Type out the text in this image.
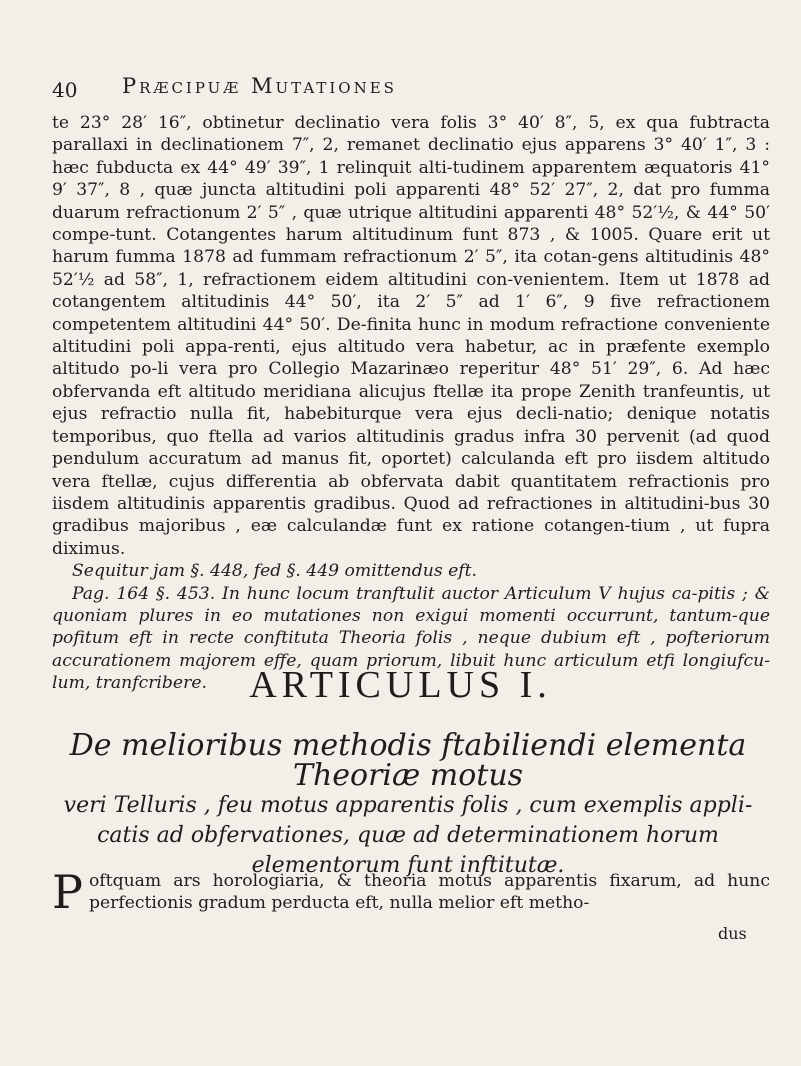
40 Præcipuæ Mutationes

te 23° 28′ 16″, obtinetur declinatio vera folis 3° 40′ 8″, 5, ex qua fubtracta parallaxi in declinationem 7″, 2, remanet declinatio ejus apparens 3° 40′ 1″, 3 : hæc fubducta ex 44° 49′ 39″, 1 relinquit alti-tudinem apparentem æquatoris 41° 9′ 37″, 8 , quæ juncta altitudini poli apparenti 48° 52′ 27″, 2, dat pro fumma duarum refractionum 2′ 5″ , quæ utrique altitudini apparenti 48° 52′½, & 44° 50′ compe-tunt. Cotangentes harum altitudinum funt 873 , & 1005. Quare erit ut harum fumma 1878 ad fummam refractionum 2′ 5″, ita cotan-gens altitudinis 48° 52′½ ad 58″, 1, refractionem eidem altitudini con-venientem. Item ut 1878 ad cotangentem altitudinis 44° 50′, ita 2′ 5″ ad 1′ 6″, 9 five refractionem competentem altitudini 44° 50′. De-finita hunc in modum refractione conveniente altitudini poli appa-renti, ejus altitudo vera habetur, ac in præfente exemplo altitudo po-li vera pro Collegio Mazarinæo reperitur 48° 51′ 29″, 6. Ad hæc obfervanda eft altitudo meridiana alicujus ftellæ ita prope Zenith tranfeuntis, ut ejus refractio nulla fit, habebiturque vera ejus decli-natio; denique notatis temporibus, quo ftella ad varios altitudinis gradus infra 30 pervenit (ad quod pendulum accuratum ad manus fit, oportet) calculanda eft pro iisdem altitudo vera ftellæ, cujus differentia ab obfervata dabit quantitatem refractionis pro iisdem altitudinis apparentis gradibus. Quod ad refractiones in altitudini-bus 30 gradibus majoribus , eæ calculandæ funt ex ratione cotangen-tium , ut fupra diximus.

Sequitur jam §. 448, fed §. 449 omittendus eft.

Pag. 164 §. 453. In hunc locum tranftulit auctor Articulum V hujus ca-pitis ; & quoniam plures in eo mutationes non exigui momenti occurrunt, tantum-que pofitum eft in recte conftituta Theoria folis , neque dubium eft , pofteriorum accurationem majorem effe, quam priorum, libuit hunc articulum etfi longiufcu-lum, tranfcribere.	ARTICULUS I.
De melioribus methodis ftabiliendi elementa Theoriæ motus
veri Telluris , feu motus apparentis folis , cum exemplis appli-
catis ad obfervationes, quæ ad determinationem horum
elementorum funt inftitutæ.
P oftquam ars horologiaria, & theoria motus apparentis fixarum, ad hunc perfectionis gradum perducta eft, nulla melior eft metho-
dus
